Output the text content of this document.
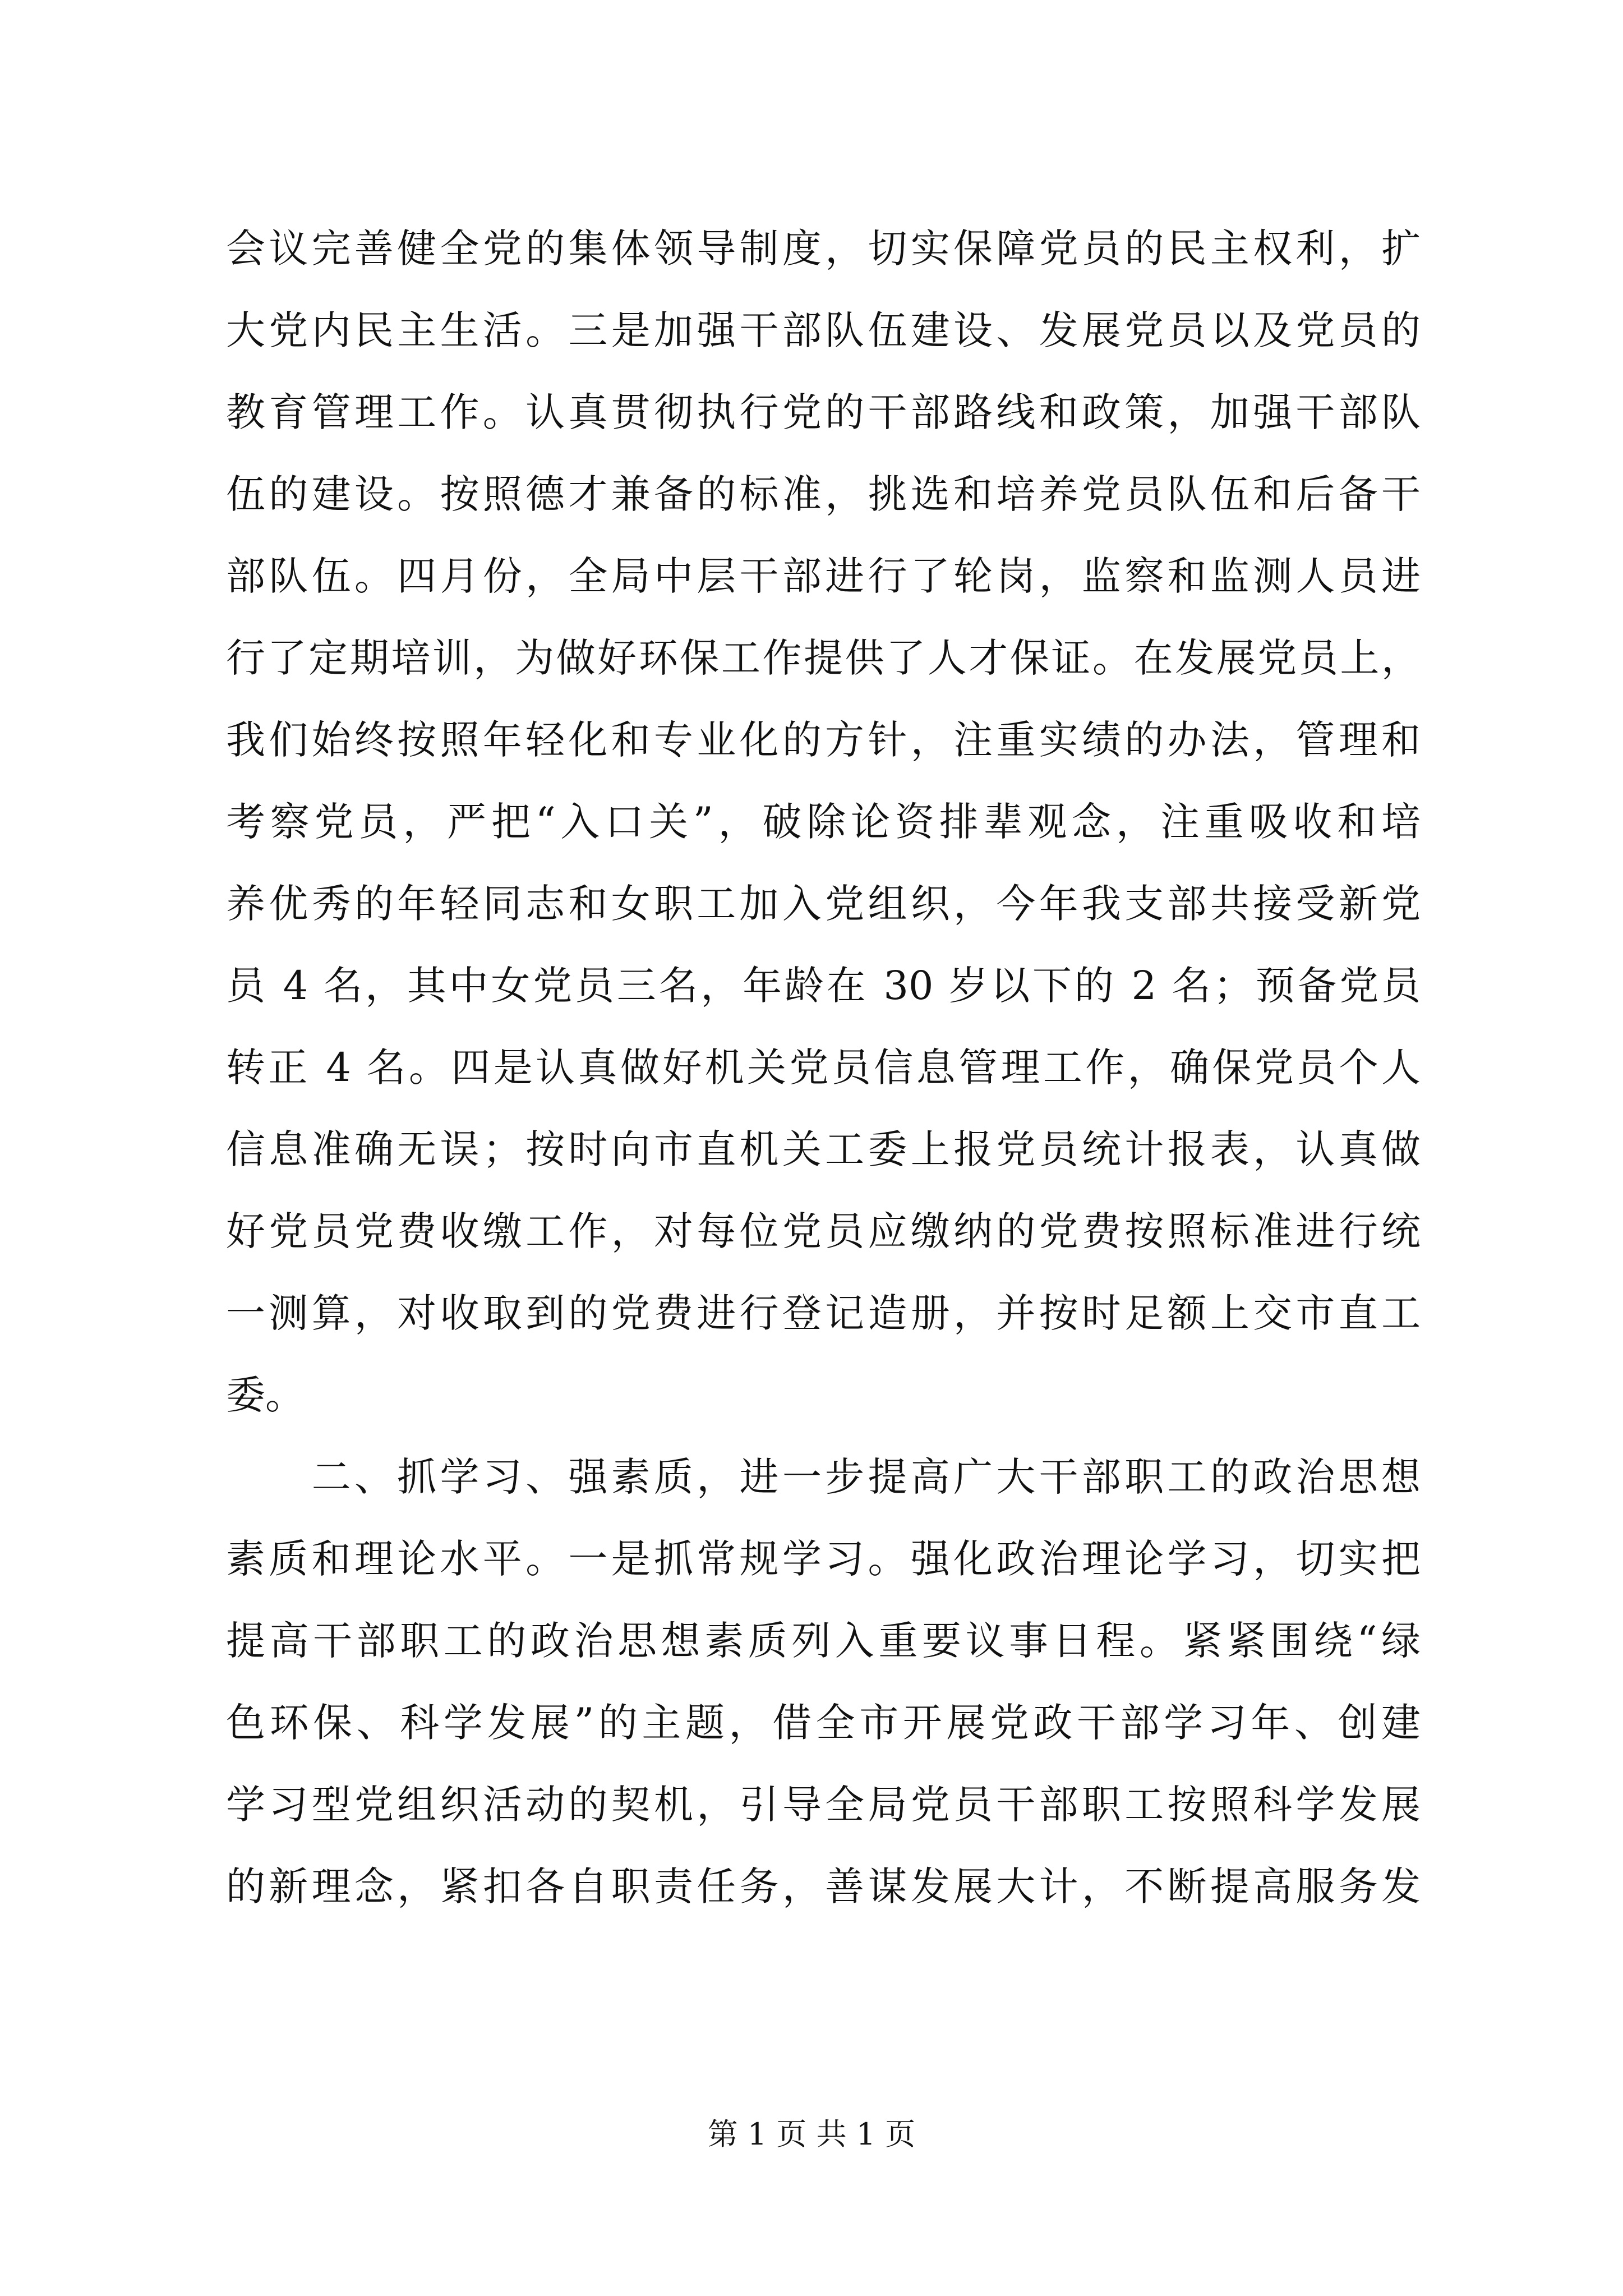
会议完善健全党的集体领导制度，切实保障党员的民主权利，扩
大党内民主生活。三是加强干部队伍建设、发展党员以及党员的
教育管理工作。认真贯彻执行党的干部路线和政策，加强干部队
伍的建设。按照德才兼备的标准，挑选和培养党员队伍和后备干
部队伍。四月份，全局中层干部进行了轮岗，监察和监测人员进
行了定期培训，为做好环保工作提供了人才保证。在发展党员上，
我们始终按照年轻化和专业化的方针，注重实绩的办法，管理和
考察党员，严把“入口关”，破除论资排辈观念，注重吸收和培
养优秀的年轻同志和女职工加入党组织，今年我支部共接受新党
员 4 名，其中女党员三名，年龄在 30 岁以下的 2 名；预备党员
转正 4 名。四是认真做好机关党员信息管理工作，确保党员个人
信息准确无误；按时向市直机关工委上报党员统计报表，认真做
好党员党费收缴工作，对每位党员应缴纳的党费按照标准进行统
一测算，对收取到的党费进行登记造册，并按时足额上交市直工
委。
　　二、抓学习、强素质，进一步提高广大干部职工的政治思想
素质和理论水平。一是抓常规学习。强化政治理论学习，切实把
提高干部职工的政治思想素质列入重要议事日程。紧紧围绕“绿
色环保、科学发展”的主题，借全市开展党政干部学习年、创建
学习型党组织活动的契机，引导全局党员干部职工按照科学发展
的新理念，紧扣各自职责任务，善谋发展大计，不断提高服务发
第 1 页 共 1 页
